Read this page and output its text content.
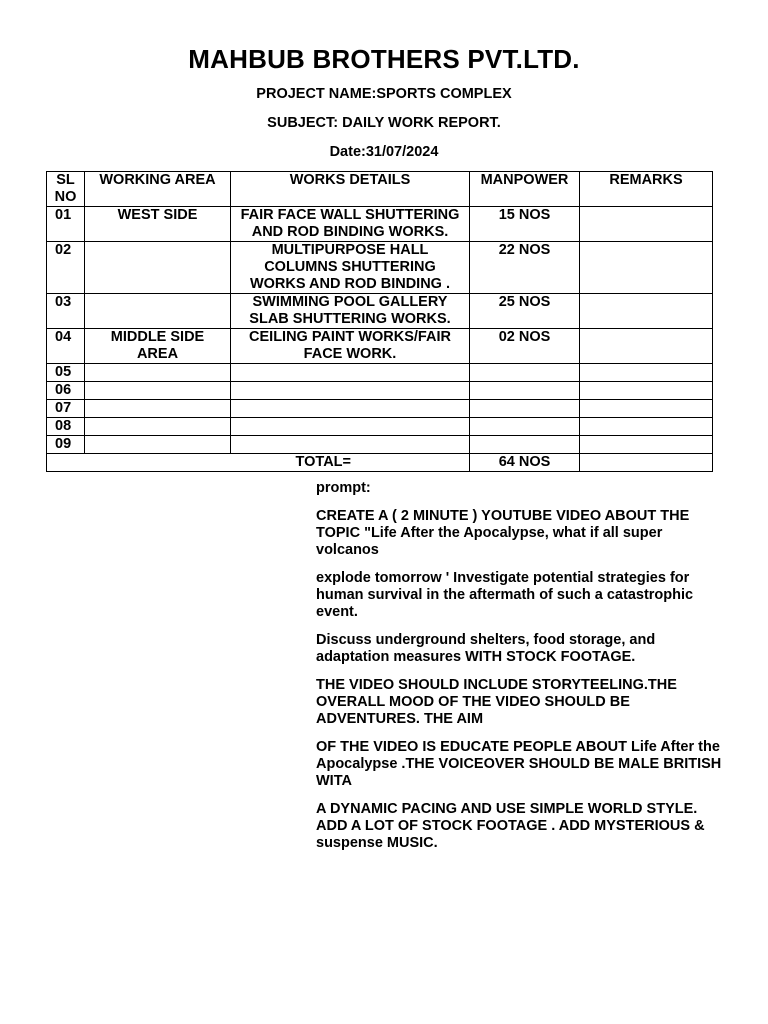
MAHBUB BROTHERS PVT.LTD.
PROJECT NAME:SPORTS COMPLEX
SUBJECT: DAILY WORK REPORT.
Date:31/07/2024
SL NO	WORKING AREA	WORKS DETAILS	MANPOWER	REMARKS
01	WEST SIDE	FAIR FACE WALL SHUTTERING AND ROD BINDING WORKS.	15 NOS	
02		MULTIPURPOSE HALL COLUMNS SHUTTERING WORKS AND ROD BINDING .	22 NOS	
03		SWIMMING POOL GALLERY SLAB SHUTTERING WORKS.	25 NOS	
04	MIDDLE SIDE AREA	CEILING PAINT WORKS/FAIR FACE WORK.	02 NOS	
05				
06				
07				
08				
09				
TOTAL=			64 NOS	

prompt:

CREATE A ( 2 MINUTE ) YOUTUBE VIDEO ABOUT THE TOPIC "Life After the Apocalypse, what if all super volcanos

explode tomorrow ' Investigate potential strategies for human survival in the aftermath of such a catastrophic event.

Discuss underground shelters, food storage, and adaptation measures WITH STOCK FOOTAGE.

THE VIDEO SHOULD INCLUDE STORYTEELING.THE OVERALL MOOD OF THE VIDEO SHOULD BE ADVENTURES. THE AIM

OF THE VIDEO IS EDUCATE PEOPLE ABOUT Life After the Apocalypse .THE VOICEOVER SHOULD BE MALE BRITISH WITA

A DYNAMIC PACING AND USE SIMPLE WORLD STYLE. ADD A LOT OF STOCK FOOTAGE . ADD MYSTERIOUS & suspense MUSIC.
